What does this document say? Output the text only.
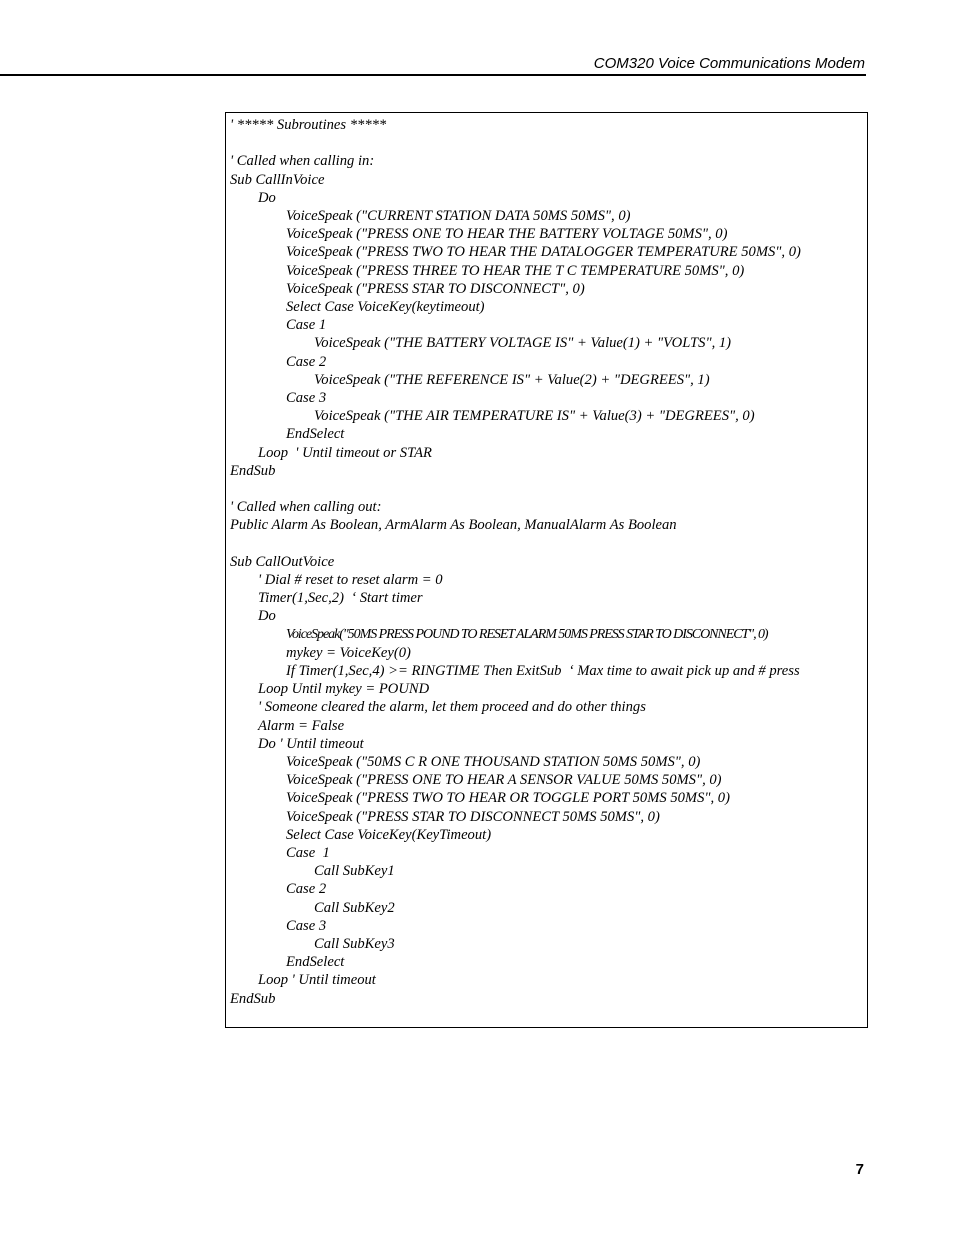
COM320 Voice Communications Modem
' ***** Subroutines *****
' Called when calling in:
Sub CallInVoice
Do
VoiceSpeak ("CURRENT STATION DATA 50MS 50MS", 0)
VoiceSpeak ("PRESS ONE TO HEAR THE BATTERY VOLTAGE 50MS", 0)
VoiceSpeak ("PRESS TWO TO HEAR THE DATALOGGER TEMPERATURE 50MS", 0)
VoiceSpeak ("PRESS THREE TO HEAR THE T C TEMPERATURE 50MS", 0)
VoiceSpeak ("PRESS STAR TO DISCONNECT", 0)
Select Case VoiceKey(keytimeout)
Case 1
VoiceSpeak ("THE BATTERY VOLTAGE IS" + Value(1) + "VOLTS", 1)
Case 2
VoiceSpeak ("THE REFERENCE IS" + Value(2) + "DEGREES", 1)
Case 3
VoiceSpeak ("THE AIR TEMPERATURE IS" + Value(3) + "DEGREES", 0)
EndSelect
Loop  ' Until timeout or STAR
EndSub
' Called when calling out:
Public Alarm As Boolean, ArmAlarm As Boolean, ManualAlarm As Boolean
Sub CallOutVoice
' Dial # reset to reset alarm = 0
Timer(1,Sec,2)  ‘ Start timer
Do
VoiceSpeak("50MS PRESS POUND TO RESET ALARM 50MS PRESS STAR TO DISCONNECT", 0)
mykey = VoiceKey(0)
If Timer(1,Sec,4) >= RINGTIME Then ExitSub  ‘ Max time to await pick up and # press
Loop Until mykey = POUND
' Someone cleared the alarm, let them proceed and do other things
Alarm = False
Do ' Until timeout
VoiceSpeak ("50MS C R ONE THOUSAND STATION 50MS 50MS", 0)
VoiceSpeak ("PRESS ONE TO HEAR A SENSOR VALUE 50MS 50MS", 0)
VoiceSpeak ("PRESS TWO TO HEAR OR TOGGLE PORT 50MS 50MS", 0)
VoiceSpeak ("PRESS STAR TO DISCONNECT 50MS 50MS", 0)
Select Case VoiceKey(KeyTimeout)
Case  1
Call SubKey1
Case 2
Call SubKey2
Case 3
Call SubKey3
EndSelect
Loop ' Until timeout
EndSub
7
